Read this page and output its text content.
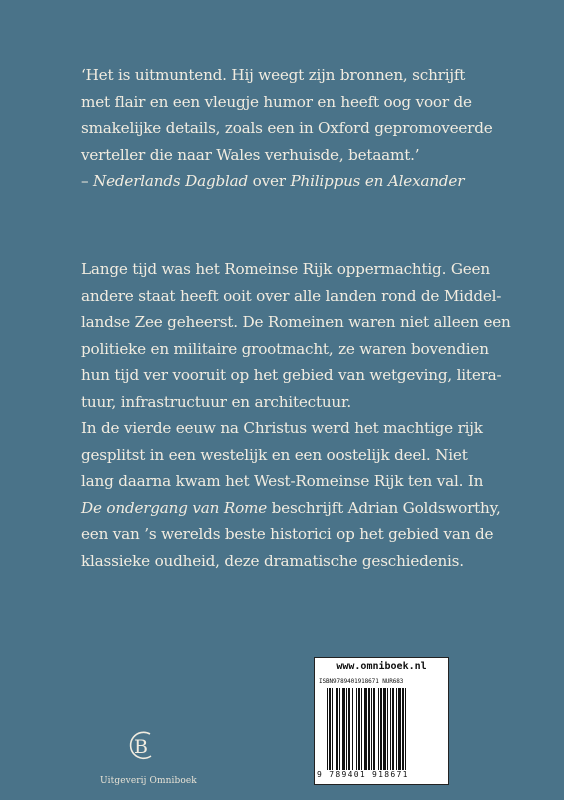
‘Het is uitmuntend. Hij weegt zijn bronnen, schrijft

met flair en een vleugje humor en heeft oog voor de

smakelijke details, zoals een in Oxford gepromoveerde

verteller die naar Wales verhuisde, betaamt.’

– Nederlands Dagblad over Philippus en Alexander

Lange tijd was het Romeinse Rijk oppermachtig. Geen

andere staat heeft ooit over alle landen rond de Middel-

landse Zee geheerst. De Romeinen waren niet alleen een

politieke en militaire grootmacht, ze waren bovendien

hun tijd ver vooruit op het gebied van wetgeving, litera-

tuur, infrastructuur en architectuur.

In de vierde eeuw na Christus werd het machtige rijk

gesplitst in een westelijk en een oostelijk deel. Niet

lang daarna kwam het West-Romeinse Rijk ten val. In

De ondergang van Rome beschrijft Adrian Goldsworthy,

een van ’s werelds beste historici op het gebied van de

klassieke oudheid, deze dramatische geschiedenis.

B
Uitgeverij Omniboek
www.omniboek.nl
ISBN9789401918671 NUR683
9 789401 918671
